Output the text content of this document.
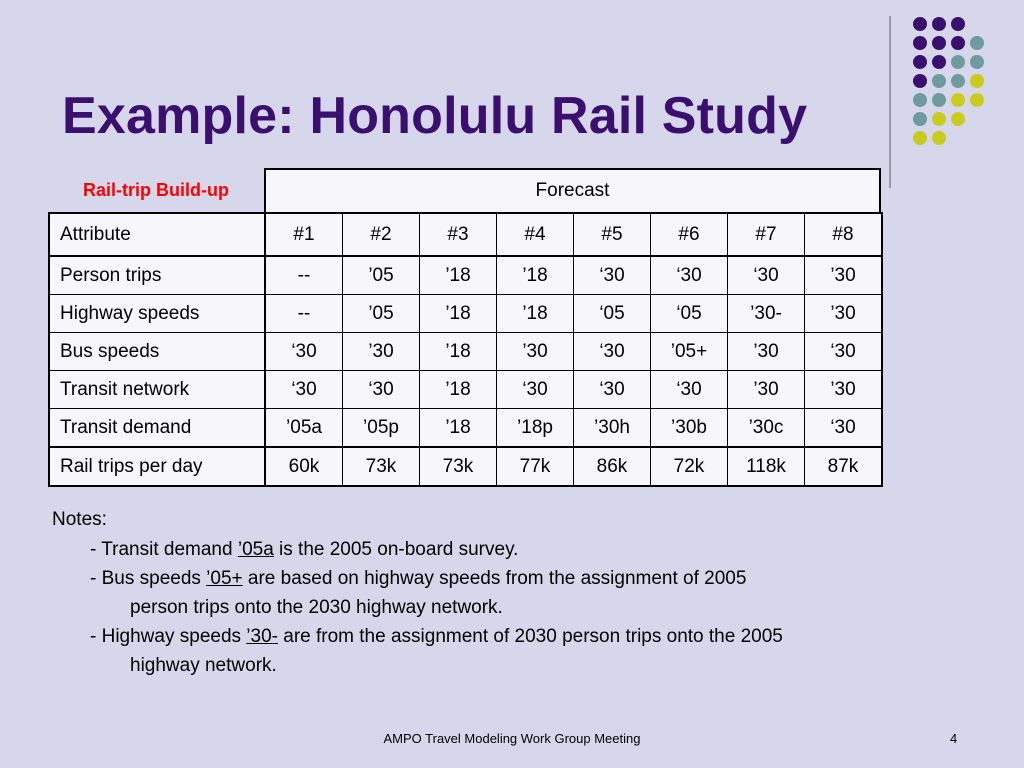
Example: Honolulu Rail Study
Rail-trip Build-up	Forecast
Attribute	#1	#2	#3	#4	#5	#6	#7	#8
Person trips	--	’05	’18	’18	‘30	‘30	‘30	’30
Highway speeds	--	’05	’18	’18	‘05	‘05	’30-	’30
Bus speeds	‘30	’30	’18	’30	‘30	’05+	’30	‘30
Transit network	‘30	‘30	’18	‘30	‘30	‘30	’30	’30
Transit demand	’05a	’05p	’18	’18p	’30h	’30b	’30c	‘30
Rail trips per day	60k	73k	73k	77k	86k	72k	118k	87k
Notes:
- Transit demand ’05a is the 2005 on-board survey.
- Bus speeds ’05+ are based on highway speeds from the assignment of 2005
person trips onto the 2030 highway network.
- Highway speeds ’30- are from the assignment of 2030 person trips onto the 2005
highway network.
AMPO Travel Modeling Work Group Meeting	4
